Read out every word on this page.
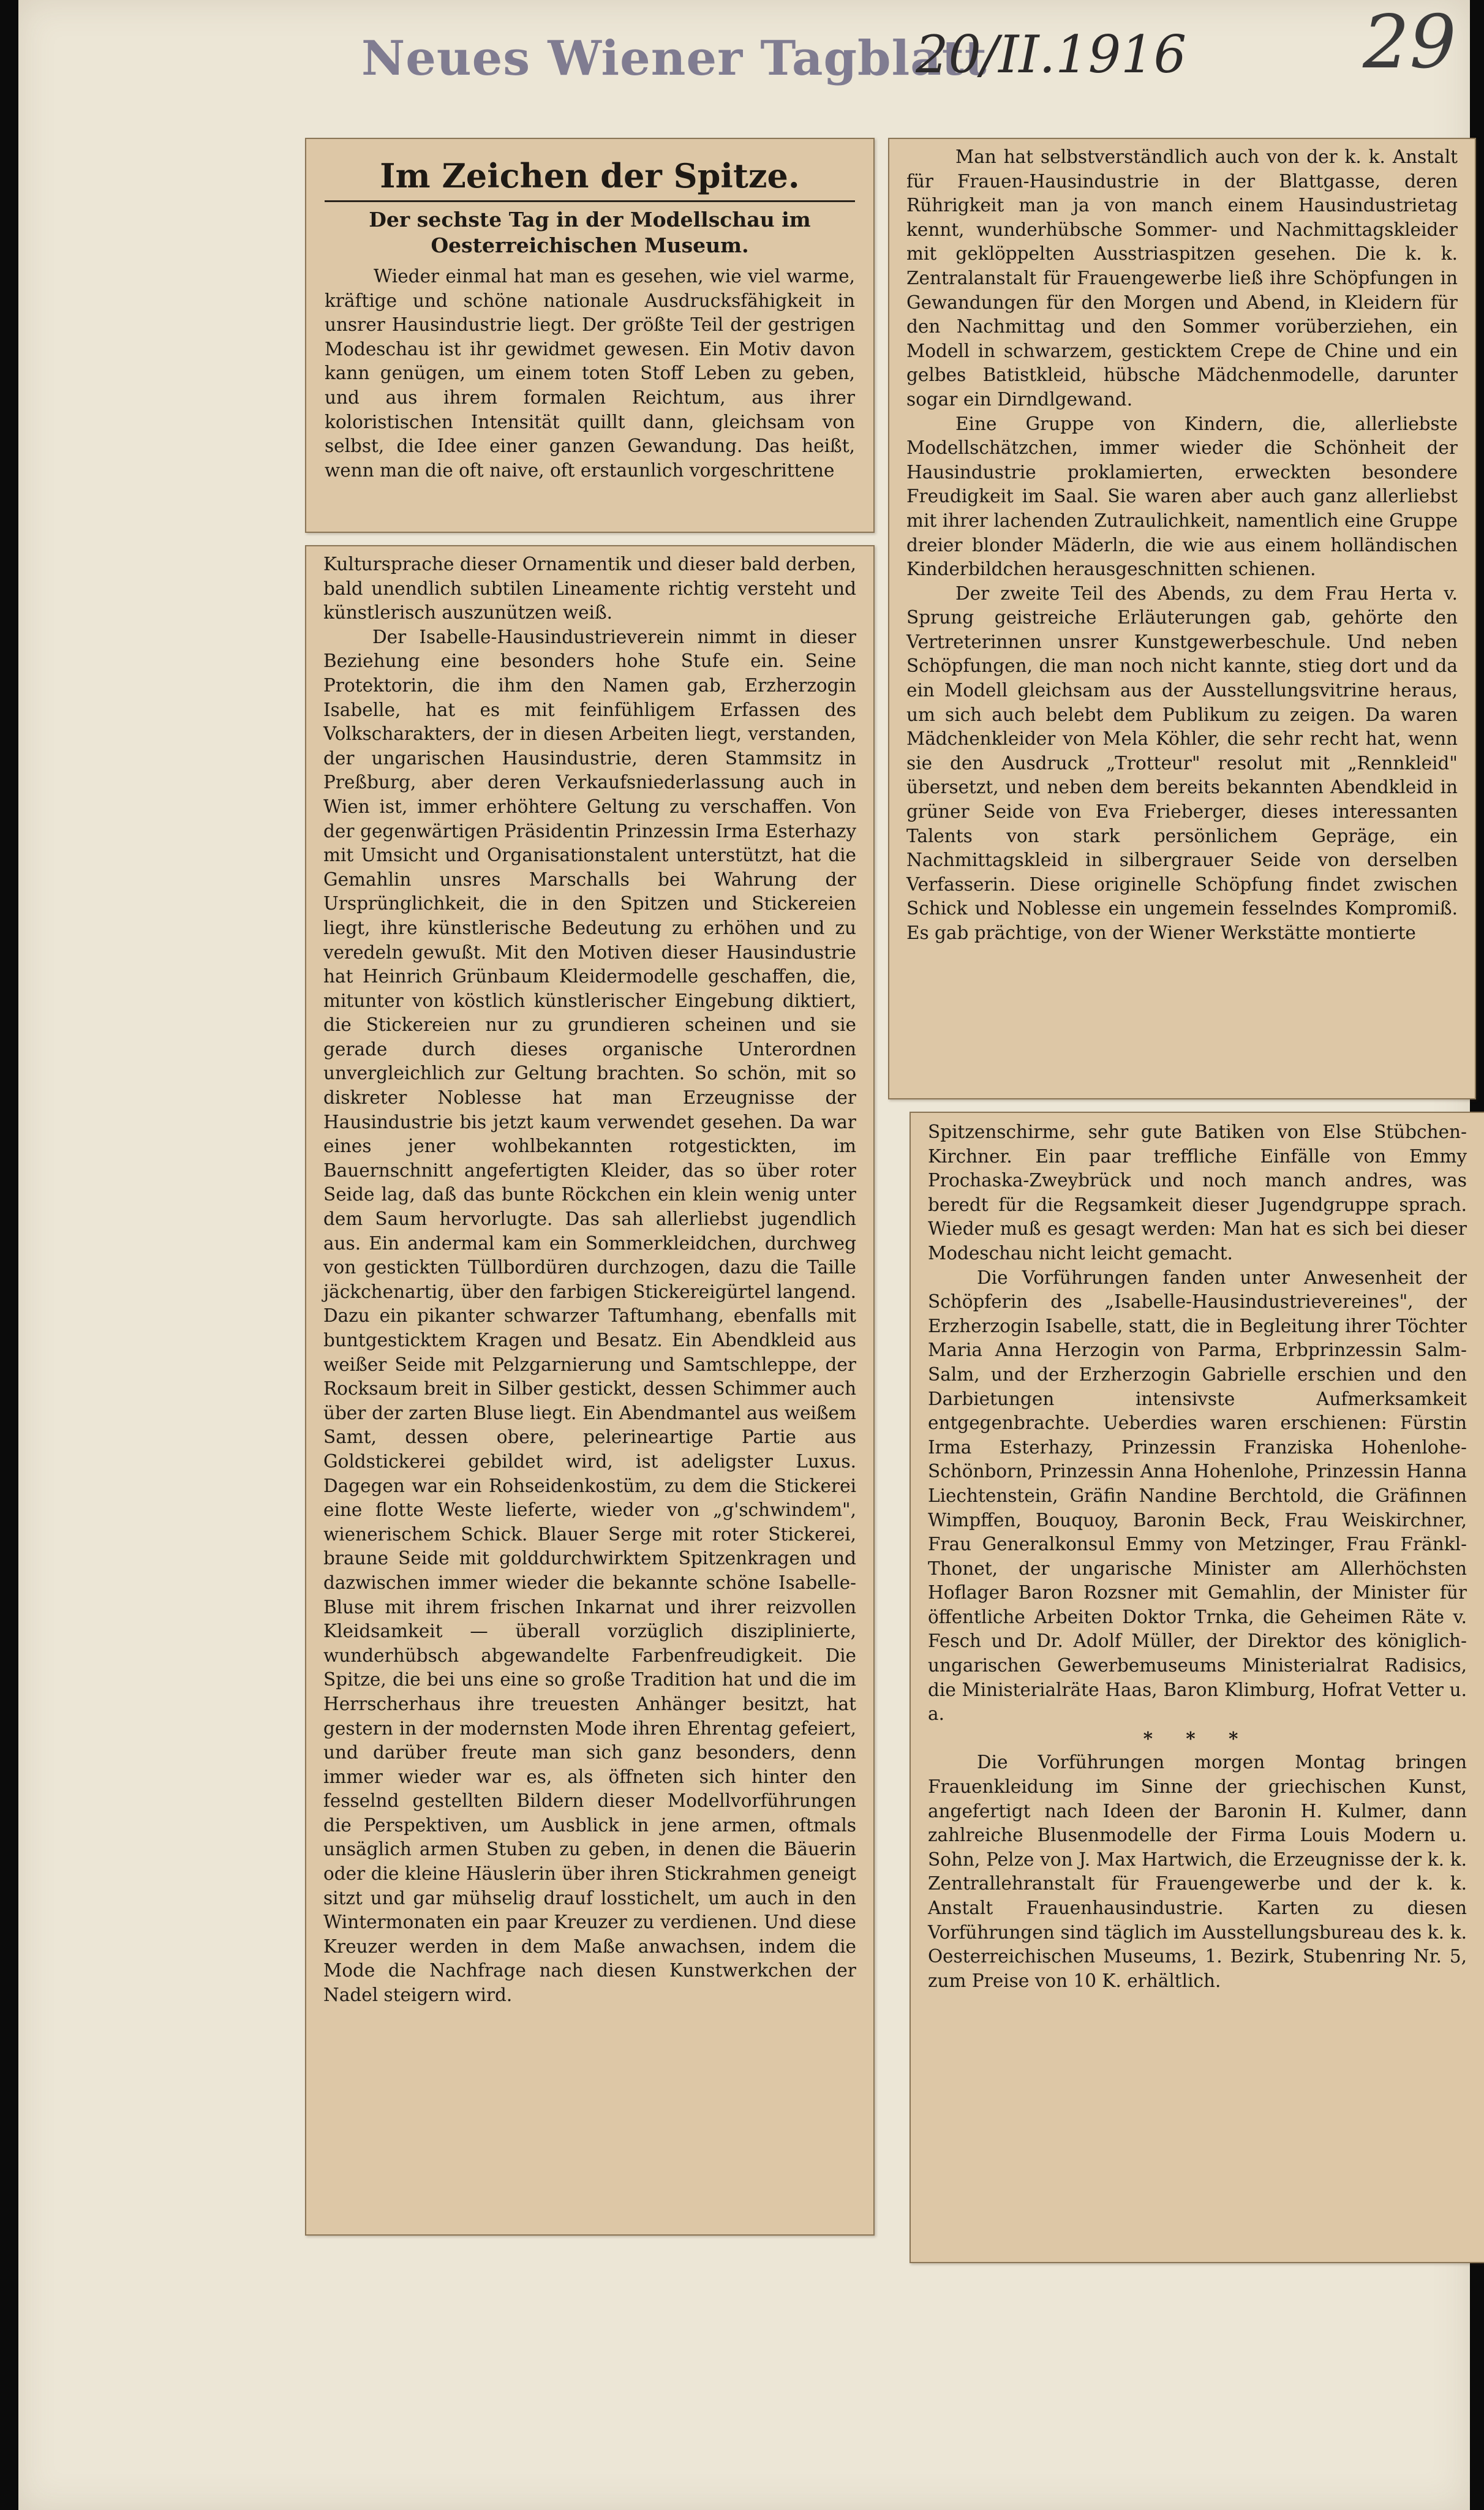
Neues Wiener Tagblatt
20/II.1916 29
Im Zeichen der Spitze.
Der sechste Tag in der Modellschau im Oesterreichischen Museum.

Wieder einmal hat man es gesehen, wie viel warme, kräftige und schöne nationale Ausdrucksfähigkeit in unsrer Hausindustrie liegt. Der größte Teil der gestrigen Modeschau ist ihr gewidmet gewesen. Ein Motiv davon kann genügen, um einem toten Stoff Leben zu geben, und aus ihrem formalen Reichtum, aus ihrer koloristischen Intensität quillt dann, gleichsam von selbst, die Idee einer ganzen Gewandung. Das heißt, wenn man die oft naive, oft erstaunlich vorgeschrittene

Kultursprache dieser Ornamentik und dieser bald derben, bald unendlich subtilen Lineamente richtig versteht und künstlerisch auszunützen weiß.

Der Isabelle-Hausindustrieverein nimmt in dieser Beziehung eine besonders hohe Stufe ein. Seine Protektorin, die ihm den Namen gab, Erzherzogin Isabelle, hat es mit feinfühligem Erfassen des Volkscharakters, der in diesen Arbeiten liegt, verstanden, der ungarischen Hausindustrie, deren Stammsitz in Preßburg, aber deren Verkaufsniederlassung auch in Wien ist, immer erhöhtere Geltung zu verschaffen. Von der gegenwärtigen Präsidentin Prinzessin Irma Esterhazy mit Umsicht und Organisationstalent unterstützt, hat die Gemahlin unsres Marschalls bei Wahrung der Ursprünglichkeit, die in den Spitzen und Stickereien liegt, ihre künstlerische Bedeutung zu erhöhen und zu veredeln gewußt. Mit den Motiven dieser Hausindustrie hat Heinrich Grünbaum Kleidermodelle geschaffen, die, mitunter von köstlich künstlerischer Eingebung diktiert, die Stickereien nur zu grundieren scheinen und sie gerade durch dieses organische Unterordnen unvergleichlich zur Geltung brachten. So schön, mit so diskreter Noblesse hat man Erzeugnisse der Hausindustrie bis jetzt kaum verwendet gesehen. Da war eines jener wohlbekannten rotgestickten, im Bauernschnitt angefertigten Kleider, das so über roter Seide lag, daß das bunte Röckchen ein klein wenig unter dem Saum hervorlugte. Das sah allerliebst jugendlich aus. Ein andermal kam ein Sommerkleidchen, durchweg von gestickten Tüllbordüren durchzogen, dazu die Taille jäckchenartig, über den farbigen Stickereigürtel langend. Dazu ein pikanter schwarzer Taftumhang, ebenfalls mit buntgesticktem Kragen und Besatz. Ein Abendkleid aus weißer Seide mit Pelzgarnierung und Samtschleppe, der Rocksaum breit in Silber gestickt, dessen Schimmer auch über der zarten Bluse liegt. Ein Abendmantel aus weißem Samt, dessen obere, pelerineartige Partie aus Goldstickerei gebildet wird, ist adeligster Luxus. Dagegen war ein Rohseidenkostüm, zu dem die Stickerei eine flotte Weste lieferte, wieder von „g'schwindem", wienerischem Schick. Blauer Serge mit roter Stickerei, braune Seide mit golddurchwirktem Spitzenkragen und dazwischen immer wieder die bekannte schöne Isabelle-Bluse mit ihrem frischen Inkarnat und ihrer reizvollen Kleidsamkeit — überall vorzüglich disziplinierte, wunderhübsch abgewandelte Farbenfreudigkeit. Die Spitze, die bei uns eine so große Tradition hat und die im Herrscherhaus ihre treuesten Anhänger besitzt, hat gestern in der modernsten Mode ihren Ehrentag gefeiert, und darüber freute man sich ganz besonders, denn immer wieder war es, als öffneten sich hinter den fesselnd gestellten Bildern dieser Modellvorführungen die Perspektiven, um Ausblick in jene armen, oftmals unsäglich armen Stuben zu geben, in denen die Bäuerin oder die kleine Häuslerin über ihren Stickrahmen geneigt sitzt und gar mühselig drauf losstichelt, um auch in den Wintermonaten ein paar Kreuzer zu verdienen. Und diese Kreuzer werden in dem Maße anwachsen, indem die Mode die Nachfrage nach diesen Kunstwerkchen der Nadel steigern wird.

Man hat selbstverständlich auch von der k. k. Anstalt für Frauen-Hausindustrie in der Blattgasse, deren Rührigkeit man ja von manch einem Hausindustrietag kennt, wunderhübsche Sommer- und Nachmittagskleider mit geklöppelten Ausstriaspitzen gesehen. Die k. k. Zentralanstalt für Frauengewerbe ließ ihre Schöpfungen in Gewandungen für den Morgen und Abend, in Kleidern für den Nachmittag und den Sommer vorüberziehen, ein Modell in schwarzem, gesticktem Crepe de Chine und ein gelbes Batistkleid, hübsche Mädchenmodelle, darunter sogar ein Dirndlgewand.

Eine Gruppe von Kindern, die, allerliebste Modellschätzchen, immer wieder die Schönheit der Hausindustrie proklamierten, erweckten besondere Freudigkeit im Saal. Sie waren aber auch ganz allerliebst mit ihrer lachenden Zutraulichkeit, namentlich eine Gruppe dreier blonder Mäderln, die wie aus einem holländischen Kinderbildchen herausgeschnitten schienen.

Der zweite Teil des Abends, zu dem Frau Herta v. Sprung geistreiche Erläuterungen gab, gehörte den Vertreterinnen unsrer Kunstgewerbeschule. Und neben Schöpfungen, die man noch nicht kannte, stieg dort und da ein Modell gleichsam aus der Ausstellungsvitrine heraus, um sich auch belebt dem Publikum zu zeigen. Da waren Mädchenkleider von Mela Köhler, die sehr recht hat, wenn sie den Ausdruck „Trotteur" resolut mit „Rennkleid" übersetzt, und neben dem bereits bekannten Abendkleid in grüner Seide von Eva Frieberger, dieses interessanten Talents von stark persönlichem Gepräge, ein Nachmittagskleid in silbergrauer Seide von derselben Verfasserin. Diese originelle Schöpfung findet zwischen Schick und Noblesse ein ungemein fesselndes Kompromiß. Es gab prächtige, von der Wiener Werkstätte montierte

Spitzenschirme, sehr gute Batiken von Else Stübchen-Kirchner. Ein paar treffliche Einfälle von Emmy Prochaska-Zweybrück und noch manch andres, was beredt für die Regsamkeit dieser Jugendgruppe sprach. Wieder muß es gesagt werden: Man hat es sich bei dieser Modeschau nicht leicht gemacht.

Die Vorführungen fanden unter Anwesenheit der Schöpferin des „Isabelle-Hausindustrievereines", der Erzherzogin Isabelle, statt, die in Begleitung ihrer Töchter Maria Anna Herzogin von Parma, Erbprinzessin Salm-Salm, und der Erzherzogin Gabrielle erschien und den Darbietungen intensivste Aufmerksamkeit entgegenbrachte. Ueberdies waren erschienen: Fürstin Irma Esterhazy, Prinzessin Franziska Hohenlohe-Schönborn, Prinzessin Anna Hohenlohe, Prinzessin Hanna Liechtenstein, Gräfin Nandine Berchtold, die Gräfinnen Wimpffen, Bouquoy, Baronin Beck, Frau Weiskirchner, Frau Generalkonsul Emmy von Metzinger, Frau Fränkl-Thonet, der ungarische Minister am Allerhöchsten Hoflager Baron Rozsner mit Gemahlin, der Minister für öffentliche Arbeiten Doktor Trnka, die Geheimen Räte v. Fesch und Dr. Adolf Müller, der Direktor des königlich-ungarischen Gewerbemuseums Ministerialrat Radisics, die Ministerialräte Haas, Baron Klimburg, Hofrat Vetter u. a.

* * *

Die Vorführungen morgen Montag bringen Frauenkleidung im Sinne der griechischen Kunst, angefertigt nach Ideen der Baronin H. Kulmer, dann zahlreiche Blusenmodelle der Firma Louis Modern u. Sohn, Pelze von J. Max Hartwich, die Erzeugnisse der k. k. Zentrallehranstalt für Frauengewerbe und der k. k. Anstalt Frauenhausindustrie. Karten zu diesen Vorführungen sind täglich im Ausstellungsbureau des k. k. Oesterreichischen Museums, 1. Bezirk, Stubenring Nr. 5, zum Preise von 10 K. erhältlich.
